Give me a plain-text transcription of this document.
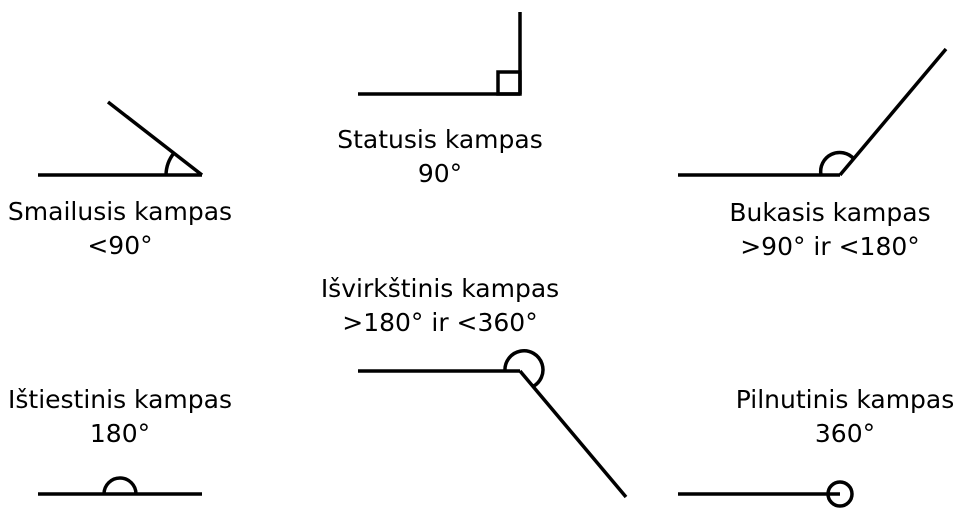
Smailusis kampas
<90°
Statusis kampas
90°
Bukasis kampas
>90° ir <180°
Išvirkštinis kampas
>180° ir <360°
Ištiestinis kampas
180°
Pilnutinis kampas
360°
